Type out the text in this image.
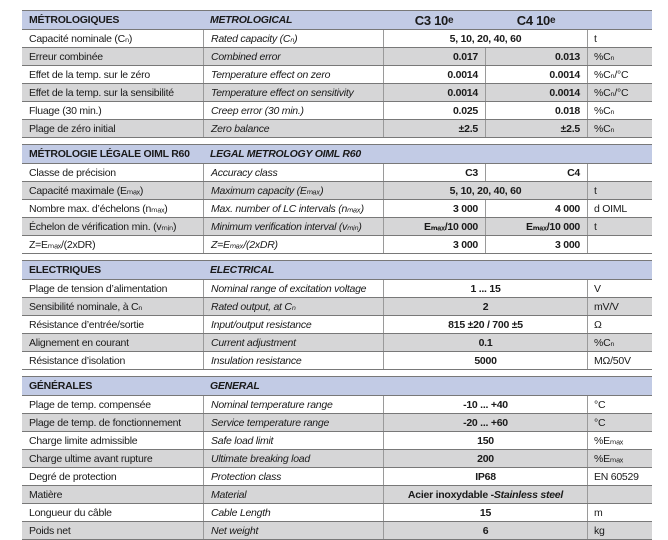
MÉTROLOGIQUES	METROLOGICAL	C3 10 e	C4 10 e
Capacité nominale (Cₙ)	Rated capacity (Cₙ)	5, 10, 20, 40, 60	t
Erreur combinée	Combined error	0.017	0.013	%Cₙ
Effet de la temp. sur le zéro	Temperature effect on zero	0.0014	0.0014	%Cₙ/°C
Effet de la temp. sur la sensibilité	Temperature effect on sensitivity	0.0014	0.0014	%Cₙ/°C
Fluage (30 min.)	Creep error (30 min.)	0.025	0.018	%Cₙ
Plage de zéro initial	Zero balance	±2.5	±2.5	%Cₙ
MÉTROLOGIE LÉGALE OIML R60	LEGAL METROLOGY OIML R60
Classe de précision	Accuracy class	C3	C4
Capacité maximale (Eₘₐₓ)	Maximum capacity (Eₘₐₓ)	5, 10, 20, 40, 60	t
Nombre max. d’échelons (nₘₐₓ)	Max. number of LC intervals (nₘₐₓ)	3 000	4 000	d OIML
Échelon de vérification min. (vₘᵢₙ)	Minimum verification interval (vₘᵢₙ)	Eₘₐₓ/10 000	Eₘₐₓ/10 000	t
Z=Eₘₐₓ/(2xDR)	Z=Eₘₐₓ/(2xDR)	3 000	3 000
ELECTRIQUES	ELECTRICAL
Plage de tension d’alimentation	Nominal range of excitation voltage	1 ... 15	V
Sensibilité nominale, à Cₙ	Rated output, at Cₙ	2	mV/V
Résistance d’entrée/sortie	Input/output resistance	815 ±20 / 700 ±5	Ω
Alignement en courant	Current adjustment	0.1	%Cₙ
Résistance d’isolation	Insulation resistance	5000	MΩ/50V
GÉNÉRALES	GENERAL
Plage de temp. compensée	Nominal temperature range	-10 ... +40	°C
Plage de temp. de fonctionnement	Service temperature range	-20 ... +60	°C
Charge limite admissible	Safe load limit	150	%Eₘₐₓ
Charge ultime avant rupture	Ultimate breaking load	200	%Eₘₐₓ
Degré de protection	Protection class	IP68	EN 60529
Matière	Material	Acier inoxydable - Stainless steel
Longueur du câble	Cable Length	15	m
Poids net	Net weight	6	kg
